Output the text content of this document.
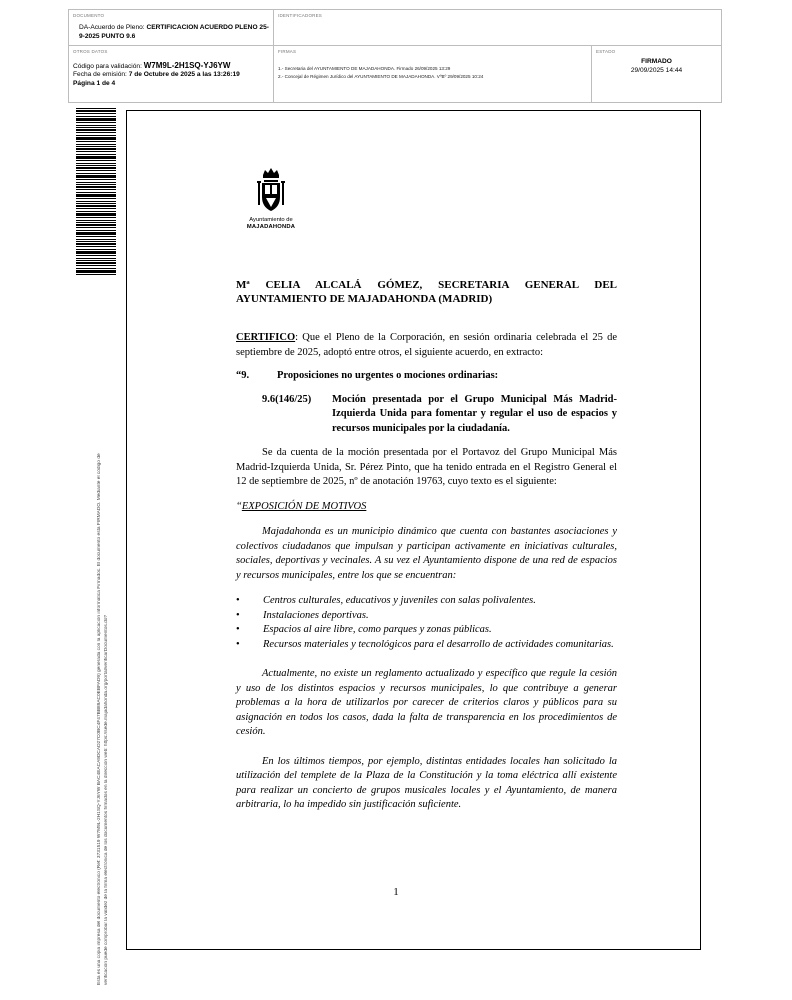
DOCUMENTO
DA-Acuerdo de Pleno: CERTIFICACION ACUERDO PLENO 25-9-2025 PUNTO 9.6
IDENTIFICADORES
OTROS DATOS
Código para validación: W7M9L-2H1SQ-YJ6YW
Fecha de emisión: 7 de Octubre de 2025 a las 13:26:19
Página 1 de 4
FIRMAS
1.- Secretaria del AYUNTAMIENTO DE MAJADAHONDA. Firmado 26/09/2025 13:29
2.- Concejal de Régimen Jurídico del AYUNTAMIENTO DE MAJADAHONDA. VºBº 29/09/2025 10:24
ESTADO
FIRMADO
29/09/2025 14:44
Esta es una copia impresa del documento electrónico (Ref: 3731519 W7M9L-2H1SQ-YJ6YW BAC4EACA9DCAD27C0BC4F47BB89AC0EBFAD9) generada con la aplicación informática Firmadoc. El documento está FIRMADO. Mediante el código de verificación puede comprobar la validez de la firma electrónica de los documentos firmados en la dirección web: https://sede.majadahonda.org/portal/verificarDocumentos.do?
Ayuntamiento de
MAJADAHONDA
Mª CELIA ALCALÁ GÓMEZ, SECRETARIA GENERAL DEL AYUNTAMIENTO DE MAJADAHONDA (MADRID)

CERTIFICO: Que el Pleno de la Corporación, en sesión ordinaria celebrada el 25 de septiembre de 2025, adoptó entre otros, el siguiente acuerdo, en extracto:

“9.	Proposiciones no urgentes o mociones ordinarias:
9.6(146/25)	Moción presentada por el Grupo Municipal Más Madrid-Izquierda Unida para fomentar y regular el uso de espacios y recursos municipales por la ciudadanía.

Se da cuenta de la moción presentada por el Portavoz del Grupo Municipal Más Madrid-Izquierda Unida, Sr. Pérez Pinto, que ha tenido entrada en el Registro General el 12 de septiembre de 2025, nº de anotación 19763, cuyo texto es el siguiente:

“EXPOSICIÓN DE MOTIVOS

Majadahonda es un municipio dinámico que cuenta con bastantes asociaciones y colectivos ciudadanos que impulsan y participan activamente en iniciativas culturales, sociales, deportivas y vecinales. A su vez el Ayuntamiento dispone de una red de espacios y recursos municipales, entre los que se encuentran:

• Centros culturales, educativos y juveniles con salas polivalentes.
• Instalaciones deportivas.
• Espacios al aire libre, como parques y zonas públicas.
• Recursos materiales y tecnológicos para el desarrollo de actividades comunitarias.

Actualmente, no existe un reglamento actualizado y específico que regule la cesión y uso de los distintos espacios y recursos municipales, lo que contribuye a generar problemas a la hora de utilizarlos por carecer de criterios claros y públicos para su asignación en todos los casos, dada la falta de transparencia en los procedimientos de cesión.

En los últimos tiempos, por ejemplo, distintas entidades locales han solicitado la utilización del templete de la Plaza de la Constitución y la toma eléctrica allí existente para realizar un concierto de grupos musicales locales y el Ayuntamiento, de manera arbitraria, lo ha impedido sin justificación suficiente.

1
